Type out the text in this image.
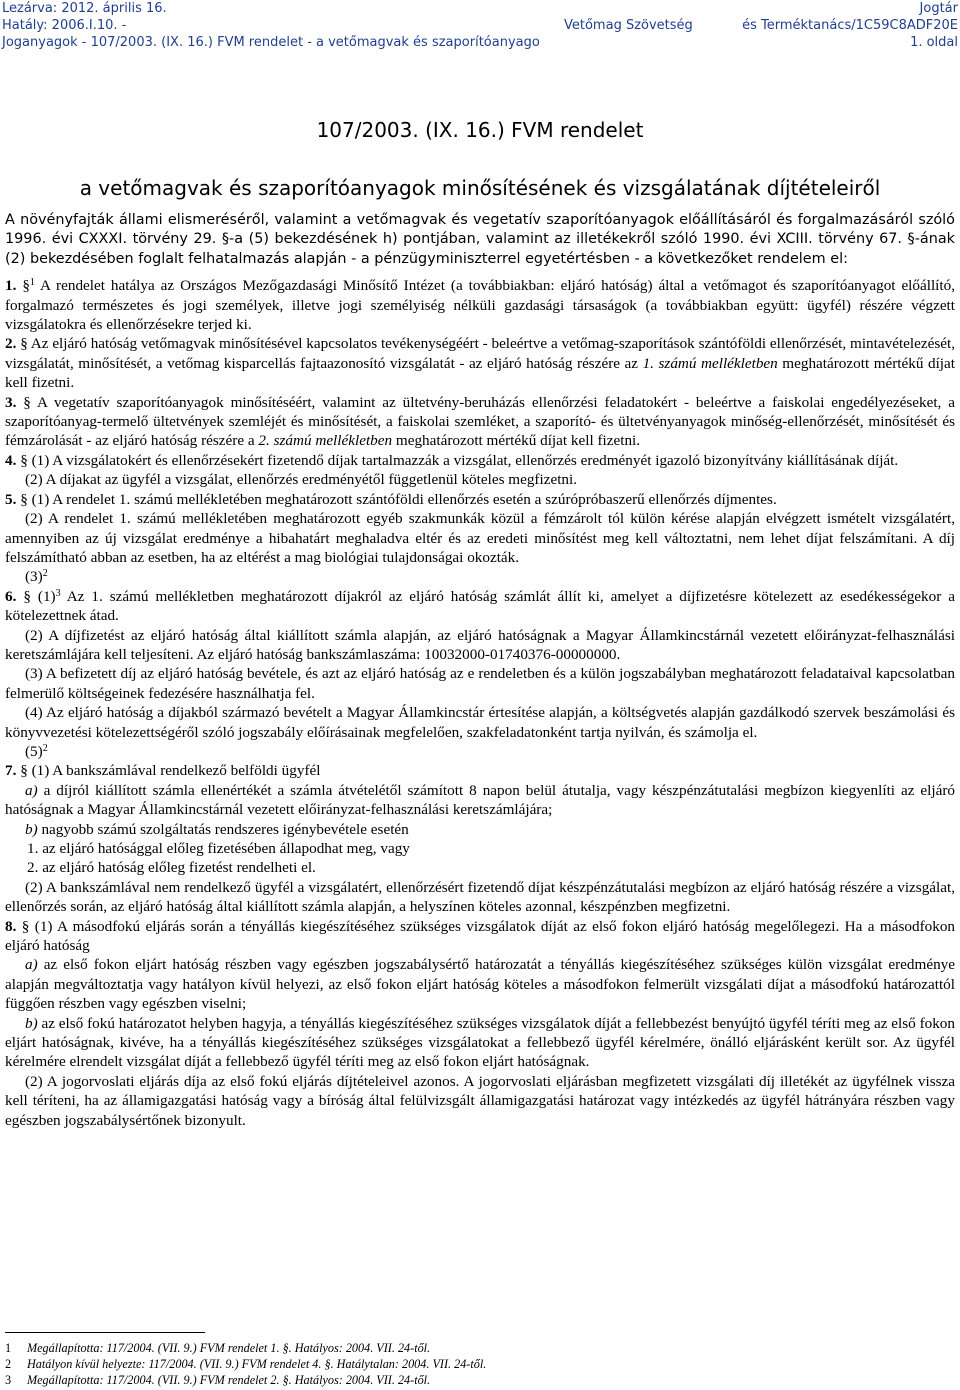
Lezárva: 2012. április 16.
Hatály: 2006.I.10. -
Joganyagok - 107/2003. (IX. 16.) FVM rendelet - a vetőmagvak és szaporítóanyago
Vetőmag Szövetség
Jogtár
és Terméktanács/1C59C8ADF20E
1. oldal
107/2003. (IX. 16.) FVM rendelet
a vetőmagvak és szaporítóanyagok minősítésének és vizsgálatának díjtételeiről

A növényfajták állami elismeréséről, valamint a vetőmagvak és vegetatív szaporítóanyagok előállításáról és forgalmazásáról szóló 1996. évi CXXXI. törvény 29. §-a (5) bekezdésének h) pontjában, valamint az illetékekről szóló 1990. évi XCIII. törvény 67. §-ának (2) bekezdésében foglalt felhatalmazás alapján - a pénzügyminiszterrel egyetértésben - a következőket rendelem el:

1. §$^1$ A rendelet hatálya az Országos Mezőgazdasági Minősítő Intézet (a továbbiakban: eljáró hatóság) által a vetőmagot és szaporítóanyagot előállító, forgalmazó természetes és jogi személyek, illetve jogi személyiség nélküli gazdasági társaságok (a továbbiakban együtt: ügyfél) részére végzett vizsgálatokra és ellenőrzésekre terjed ki.

2. § Az eljáró hatóság vetőmagvak minősítésével kapcsolatos tevékenységéért - beleértve a vetőmag-szaporítások szántóföldi ellenőrzését, mintavételezését, vizsgálatát, minősítését, a vetőmag kisparcellás fajtaazonosító vizsgálatát - az eljáró hatóság részére az 1. számú mellékletben meghatározott mértékű díjat kell fizetni.

3. § A vegetatív szaporítóanyagok minősítéséért, valamint az ültetvény-beruházás ellenőrzési feladatokért - beleértve a faiskolai engedélyezéseket, a szaporítóanyag-termelő ültetvények szemléjét és minősítését, a faiskolai szemléket, a szaporító- és ültetvényanyagok minőség-ellenőrzését, minősítését és fémzárolását - az eljáró hatóság részére a 2. számú mellékletben meghatározott mértékű díjat kell fizetni.

4. § (1) A vizsgálatokért és ellenőrzésekért fizetendő díjak tartalmazzák a vizsgálat, ellenőrzés eredményét igazoló bizonyítvány kiállításának díját.

(2) A díjakat az ügyfél a vizsgálat, ellenőrzés eredményétől függetlenül köteles megfizetni.

5. § (1) A rendelet 1. számú mellékletében meghatározott szántóföldi ellenőrzés esetén a szúrópróbaszerű ellenőrzés díjmentes.

(2) A rendelet 1. számú mellékletében meghatározott egyéb szakmunkák közül a fémzárolt tól külön kérése alapján elvégzett ismételt vizsgálatért, amennyiben az új vizsgálat eredménye a hibahatárt meghaladva eltér és az eredeti minősítést meg kell változtatni, nem lehet díjat felszámítani. A díj felszámítható abban az esetben, ha az eltérést a mag biológiai tulajdonságai okozták.

$(3)^2$

6. § $(1)^3$ Az 1. számú mellékletben meghatározott díjakról az eljáró hatóság számlát állít ki, amelyet a díjfizetésre kötelezett az esedékességekor a kötelezettnek átad.

(2) A díjfizetést az eljáró hatóság által kiállított számla alapján, az eljáró hatóságnak a Magyar Államkincstárnál vezetett előirányzat-felhasználási keretszámlájára kell teljesíteni. Az eljáró hatóság bankszámlaszáma: 10032000-01740376-00000000.

(3) A befizetett díj az eljáró hatóság bevétele, és azt az eljáró hatóság az e rendeletben és a külön jogszabályban meghatározott feladataival kapcsolatban felmerülő költségeinek fedezésére használhatja fel.

(4) Az eljáró hatóság a díjakból származó bevételt a Magyar Államkincstár értesítése alapján, a költségvetés alapján gazdálkodó szervek beszámolási és könyvvezetési kötelezettségéről szóló jogszabály előírásainak megfelelően, szakfeladatonként tartja nyilván, és számolja el.

$(5)^2$

7. § (1) A bankszámlával rendelkező belföldi ügyfél

a) a díjról kiállított számla ellenértékét a számla átvételétől számított 8 napon belül átutalja, vagy készpénzátutalási megbízon kiegyenlíti az eljáró hatóságnak a Magyar Államkincstárnál vezetett előirányzat-felhasználási keretszámlájára;

b) nagyobb számú szolgáltatás rendszeres igénybevétele esetén

1. az eljáró hatósággal előleg fizetésében állapodhat meg, vagy

2. az eljáró hatóság előleg fizetést rendelheti el.

(2) A bankszámlával nem rendelkező ügyfél a vizsgálatért, ellenőrzésért fizetendő díjat készpénzátutalási megbízon az eljáró hatóság részére a vizsgálat, ellenőrzés során, az eljáró hatóság által kiállított számla alapján, a helyszínen köteles azonnal, készpénzben megfizetni.

8. § (1) A másodfokú eljárás során a tényállás kiegészítéséhez szükséges vizsgálatok díját az első fokon eljáró hatóság megelőlegezi. Ha a másodfokon eljáró hatóság

a) az első fokon eljárt hatóság részben vagy egészben jogszabálysértő határozatát a tényállás kiegészítéséhez szükséges külön vizsgálat eredménye alapján megváltoztatja vagy hatályon kívül helyezi, az első fokon eljárt hatóság köteles a másodfokon felmerült vizsgálati díjat a másodfokú határozattól függően részben vagy egészben viselni;

b) az első fokú határozatot helyben hagyja, a tényállás kiegészítéséhez szükséges vizsgálatok díját a fellebbezést benyújtó ügyfél téríti meg az első fokon eljárt hatóságnak, kivéve, ha a tényállás kiegészítéséhez szükséges vizsgálatokat a fellebbező ügyfél kérelmére, önálló eljárásként került sor. Az ügyfél kérelmére elrendelt vizsgálat díját a fellebbező ügyfél téríti meg az első fokon eljárt hatóságnak.

(2) A jogorvoslati eljárás díja az első fokú eljárás díjtételeivel azonos. A jogorvoslati eljárásban megfizetett vizsgálati díj illetékét az ügyfélnek vissza kell téríteni, ha az államigazgatási hatóság vagy a bíróság által felülvizsgált államigazgatási határozat vagy intézkedés az ügyfél hátrányára részben vagy egészben jogszabálysértőnek bizonyult.

1 Megállapította: 117/2004. (VII. 9.) FVM rendelet 1. §. Hatályos: 2004. VII. 24-től.
2 Hatályon kívül helyezte: 117/2004. (VII. 9.) FVM rendelet 4. §. Hatálytalan: 2004. VII. 24-től.
3 Megállapította: 117/2004. (VII. 9.) FVM rendelet 2. §. Hatályos: 2004. VII. 24-től.
